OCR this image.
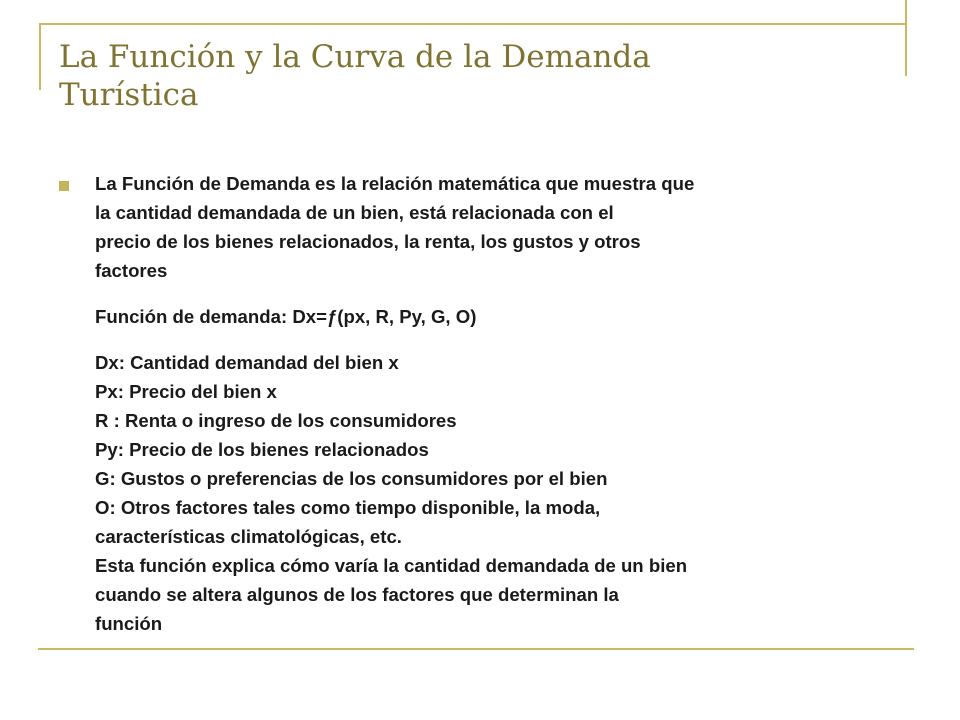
La Función y la Curva de la Demanda
Turística
La Función de Demanda es la relación matemática que muestra que
la cantidad demandada de un bien, está relacionada con el
precio de los bienes relacionados, la renta, los gustos y otros
factores
Función de demanda: Dx=ƒ(px, R, Py, G, O)
Dx: Cantidad demandad del bien x
Px: Precio del bien x
R : Renta o ingreso de los consumidores
Py: Precio de los bienes relacionados
G: Gustos o preferencias de los consumidores por el bien
O: Otros factores tales como tiempo disponible, la moda,
características climatológicas, etc.
Esta función explica cómo varía la cantidad demandada de un bien
cuando se altera algunos de los factores que determinan la
función
